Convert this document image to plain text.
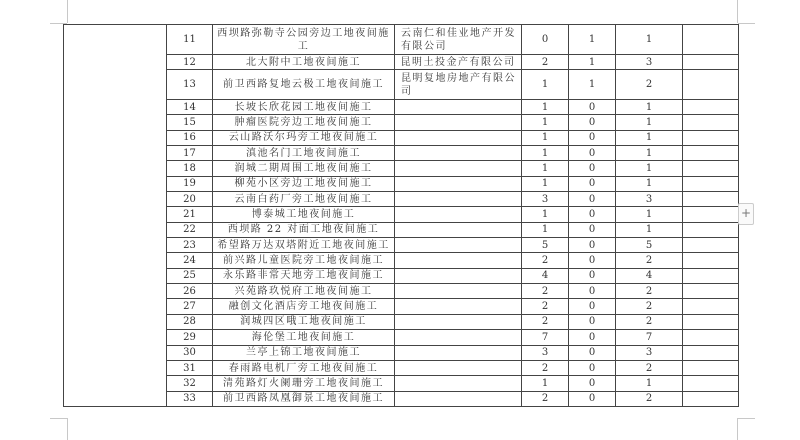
	11	西坝路弥勒寺公园旁边工地夜间施工	云南仁和佳业地产开发有限公司	0	1	1	
	12	北大附中工地夜间施工	昆明土投金产有限公司	2	1	3	
	13	前卫西路复地云极工地夜间施工	昆明复地房地产有限公司	1	1	2	
	14	长坡长欣花园工地夜间施工		1	0	1	
	15	肿瘤医院旁边工地夜间施工		1	0	1	
	16	云山路沃尔玛旁工地夜间施工		1	0	1	
	17	滇池名门工地夜间施工		1	0	1	
	18	润城二期周围工地夜间施工		1	0	1	
	19	柳苑小区旁边工地夜间施工		1	0	1	
	20	云南白药厂旁工地夜间施工		3	0	3	
	21	博泰城工地夜间施工		1	0	1	
	22	西坝路 22 对面工地夜间施工		1	0	1	
	23	希望路万达双塔附近工地夜间施工		5	0	5	
	24	前兴路儿童医院旁工地夜间施工		2	0	2	
	25	永乐路非常天地旁工地夜间施工		4	0	4	
	26	兴苑路玖悦府工地夜间施工		2	0	2	
	27	融创文化酒店旁工地夜间施工		2	0	2	
	28	润城四区哦工地夜间施工		2	0	2	
	29	海伦堡工地夜间施工		7	0	7	
	30	兰亭上锦工地夜间施工		3	0	3	
	31	春雨路电机厂旁工地夜间施工		2	0	2	
	32	清苑路灯火阑珊旁工地夜间施工		1	0	1	
	33	前卫西路凤凰御景工地夜间施工		2	0	2	
+
